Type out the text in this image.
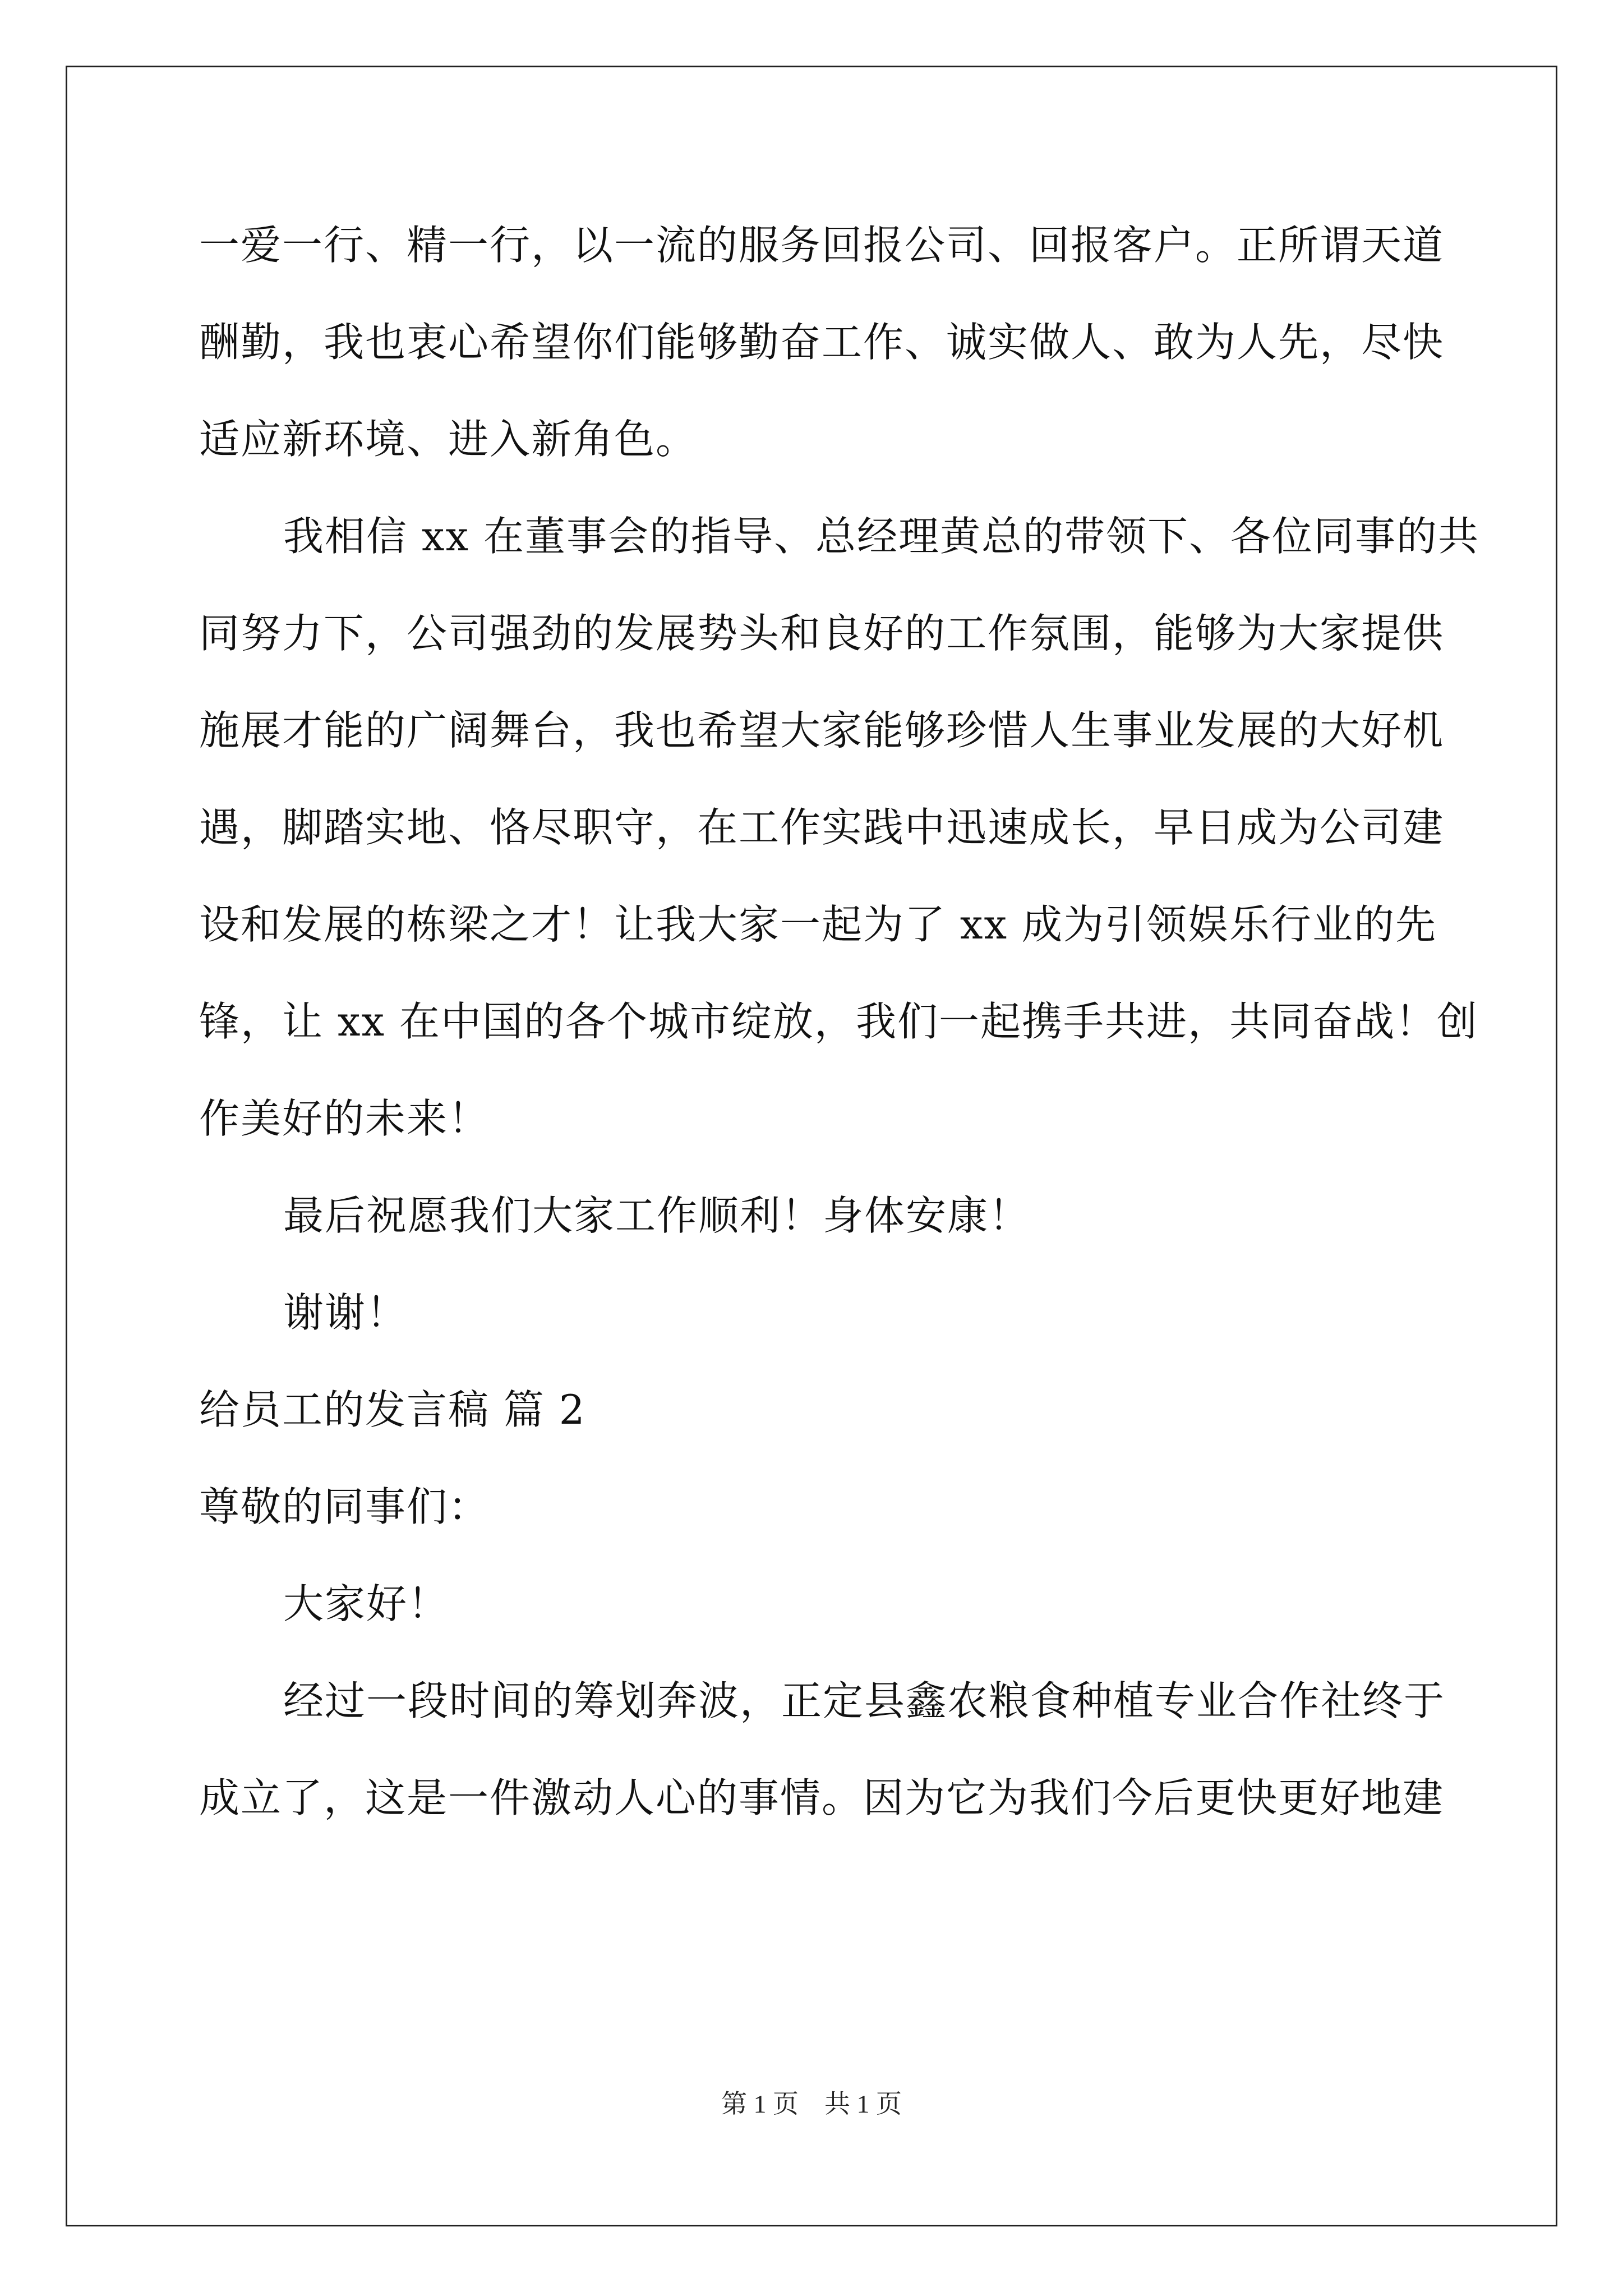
一爱一行、精一行，以一流的服务回报公司、回报客户。正所谓天道
酬勤，我也衷心希望你们能够勤奋工作、诚实做人、敢为人先，尽快
适应新环境、进入新角色。
我相信 xx 在董事会的指导、总经理黄总的带领下、各位同事的共
同努力下，公司强劲的发展势头和良好的工作氛围，能够为大家提供
施展才能的广阔舞台，我也希望大家能够珍惜人生事业发展的大好机
遇，脚踏实地、恪尽职守，在工作实践中迅速成长，早日成为公司建
设和发展的栋梁之才！让我大家一起为了 xx 成为引领娱乐行业的先
锋，让 xx 在中国的各个城市绽放，我们一起携手共进，共同奋战！创
作美好的未来！
最后祝愿我们大家工作顺利！身体安康！
谢谢！
给员工的发言稿 篇 2
尊敬的同事们：
大家好！
经过一段时间的筹划奔波，正定县鑫农粮食种植专业合作社终于
成立了，这是一件激动人心的事情。因为它为我们今后更快更好地建
第 1 页    共 1 页
